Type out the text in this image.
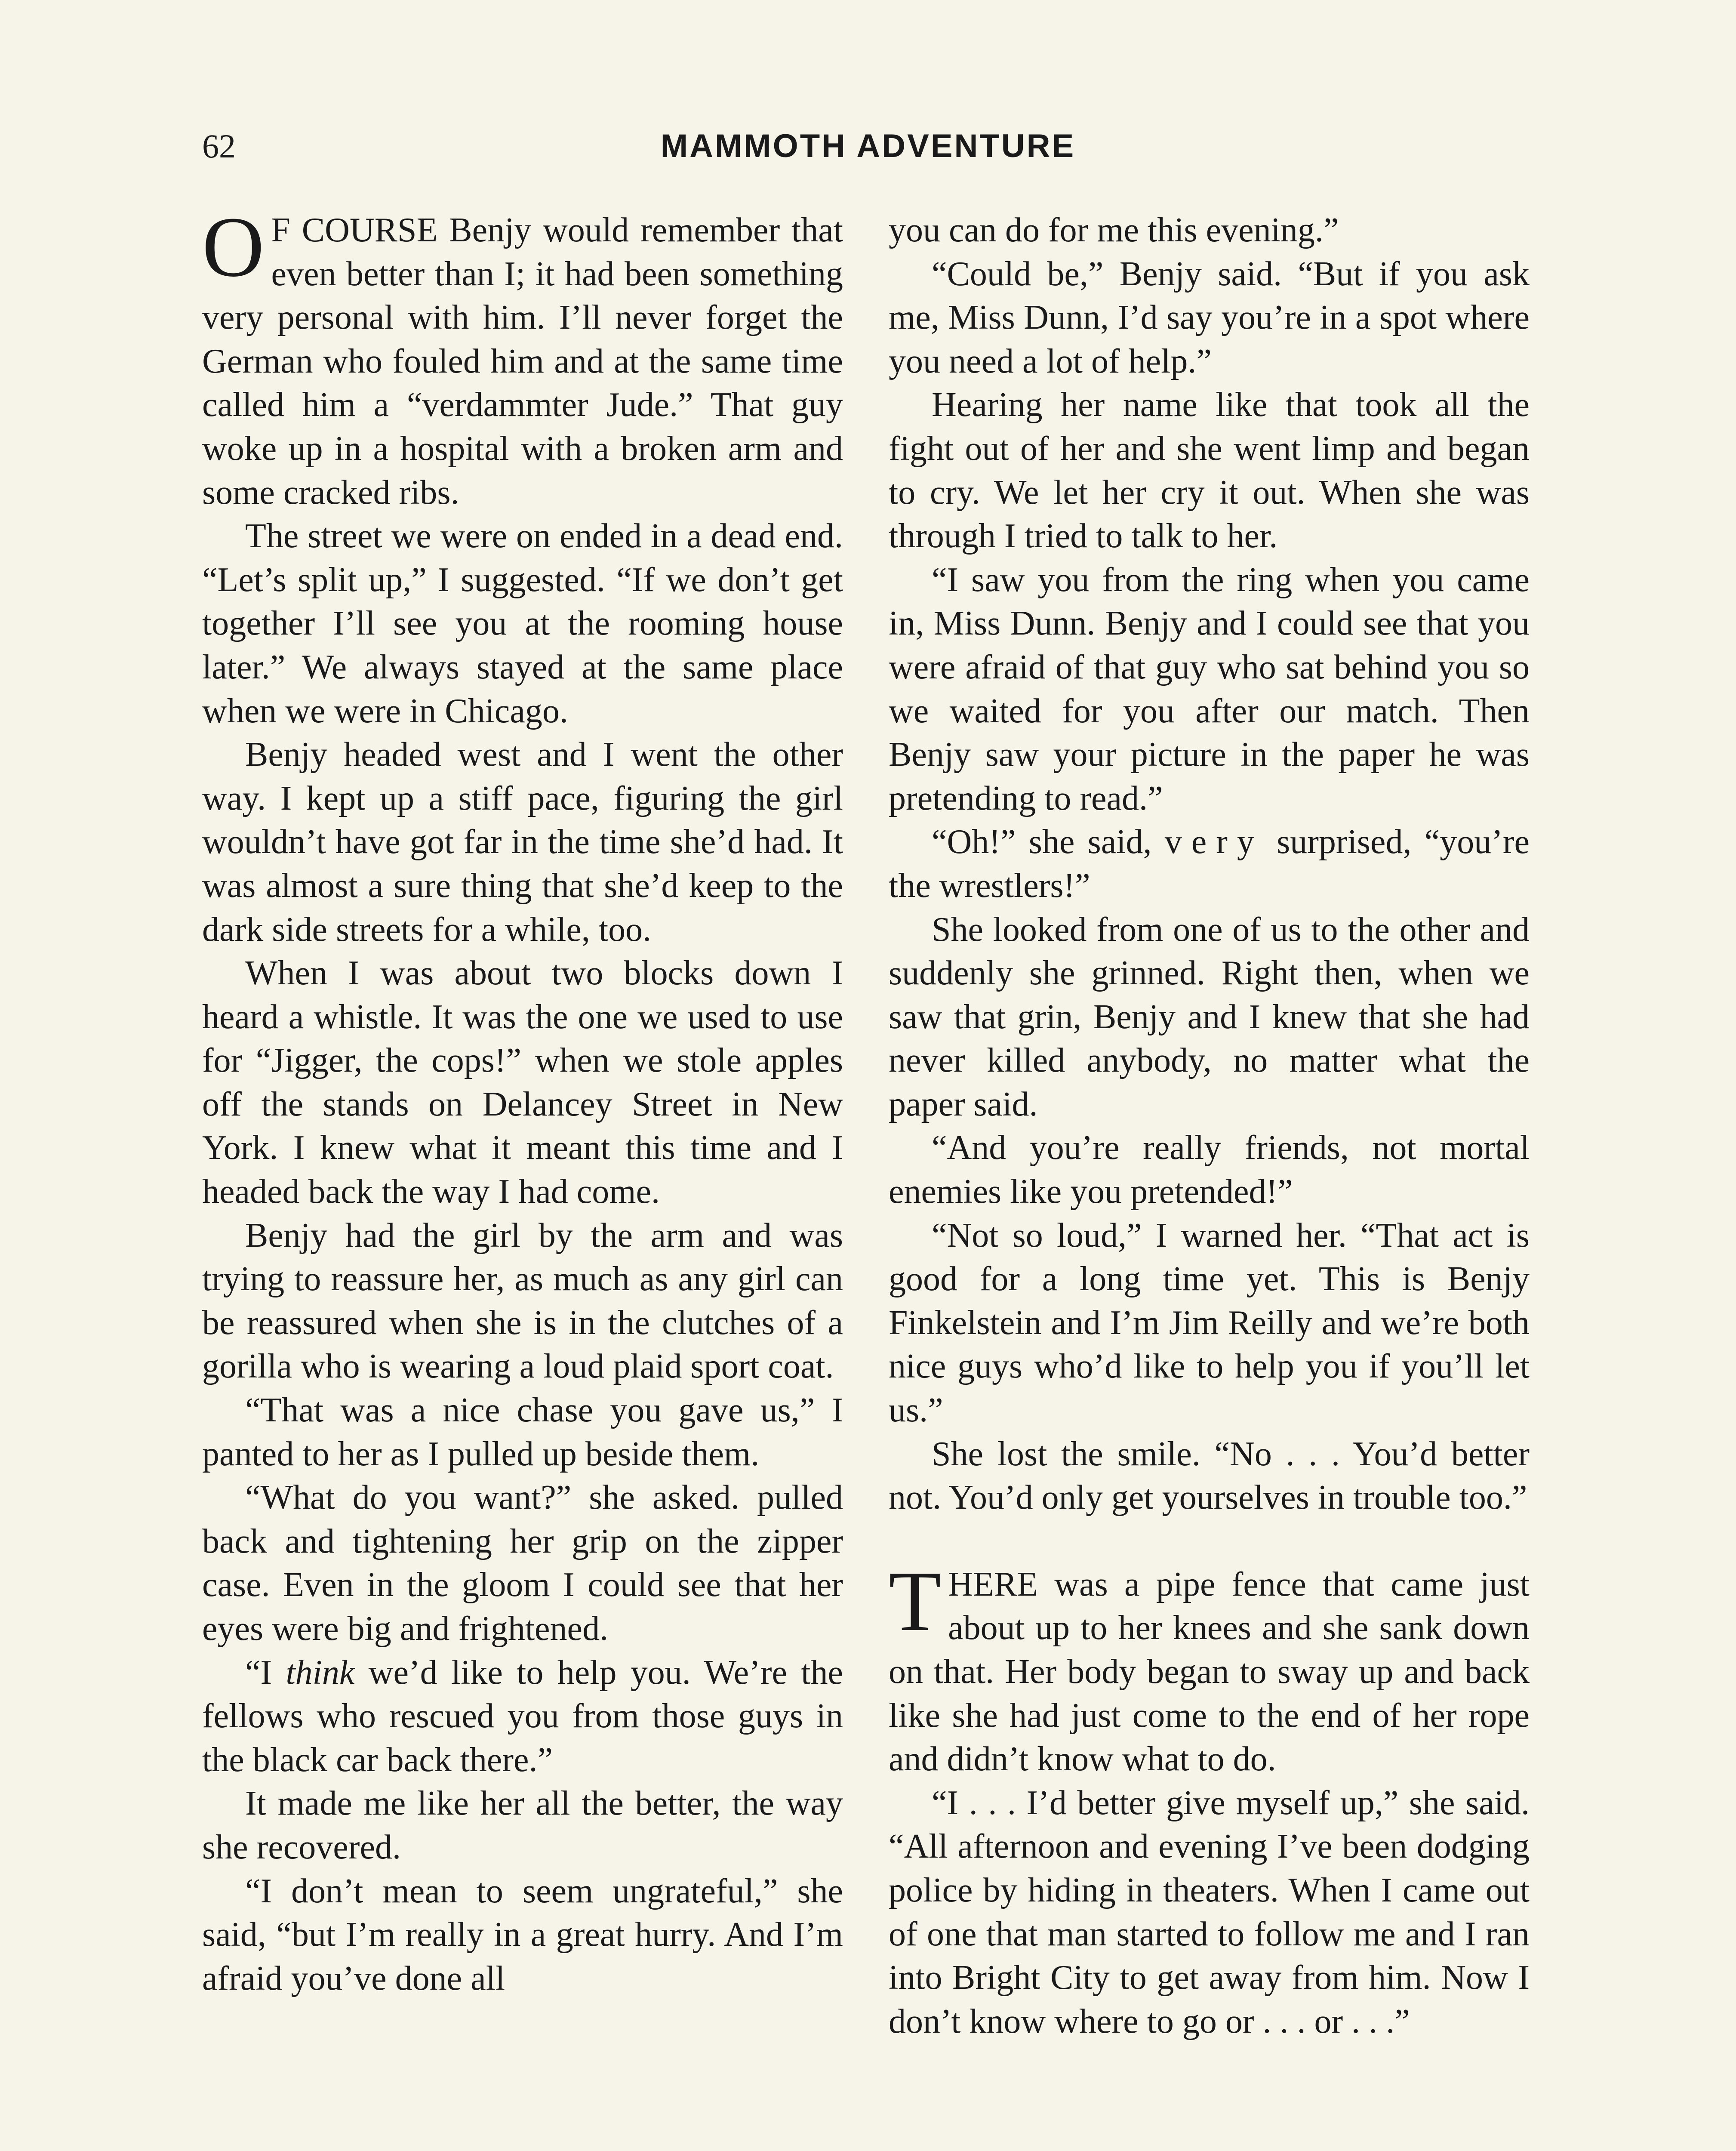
62	MAMMOTH ADVENTURE

O F COURSE Benjy would remember that even better than I; it had been something very personal with him. I’ll never forget the German who fouled him and at the same time called him a “verdammter Jude.” That guy woke up in a hospital with a broken arm and some cracked ribs.

The street we were on ended in a dead end. “Let’s split up,” I suggested. “If we don’t get together I’ll see you at the rooming house later.” We always stayed at the same place when we were in Chicago.

Benjy headed west and I went the other way. I kept up a stiff pace, figuring the girl wouldn’t have got far in the time she’d had. It was almost a sure thing that she’d keep to the dark side streets for a while, too.

When I was about two blocks down I heard a whistle. It was the one we used to use for “Jigger, the cops!” when we stole apples off the stands on Delancey Street in New York. I knew what it meant this time and I headed back the way I had come.

Benjy had the girl by the arm and was trying to reassure her, as much as any girl can be reassured when she is in the clutches of a gorilla who is wearing a loud plaid sport coat.

“That was a nice chase you gave us,” I panted to her as I pulled up beside them.

“What do you want?” she asked. pulled back and tightening her grip on the zipper case. Even in the gloom I could see that her eyes were big and frightened.

“I think we’d like to help you. We’re the fellows who rescued you from those guys in the black car back there.”

It made me like her all the better, the way she recovered.

“I don’t mean to seem ungrateful,” she said, “but I’m really in a great hurry. And I’m afraid you’ve done all

you can do for me this evening.”

“Could be,” Benjy said. “But if you ask me, Miss Dunn, I’d say you’re in a spot where you need a lot of help.”

Hearing her name like that took all the fight out of her and she went limp and began to cry. We let her cry it out. When she was through I tried to talk to her.

“I saw you from the ring when you came in, Miss Dunn. Benjy and I could see that you were afraid of that guy who sat behind you so we waited for you after our match. Then Benjy saw your picture in the paper he was pretending to read.”

“Oh!” she said, very surprised, “you’re the wrestlers!”

She looked from one of us to the other and suddenly she grinned. Right then, when we saw that grin, Benjy and I knew that she had never killed anybody, no matter what the paper said.

“And you’re really friends, not mortal enemies like you pretended!”

“Not so loud,” I warned her. “That act is good for a long time yet. This is Benjy Finkelstein and I’m Jim Reilly and we’re both nice guys who’d like to help you if you’ll let us.”

She lost the smile. “No . . . You’d better not. You’d only get yourselves in trouble too.”

THERE was a pipe fence that came just about up to her knees and she sank down on that. Her body began to sway up and back like she had just come to the end of her rope and didn’t know what to do.

“I . . . I’d better give myself up,” she said. “All afternoon and evening I’ve been dodging police by hiding in theaters. When I came out of one that man started to follow me and I ran into Bright City to get away from him. Now I don’t know where to go or . . . or . . .”
